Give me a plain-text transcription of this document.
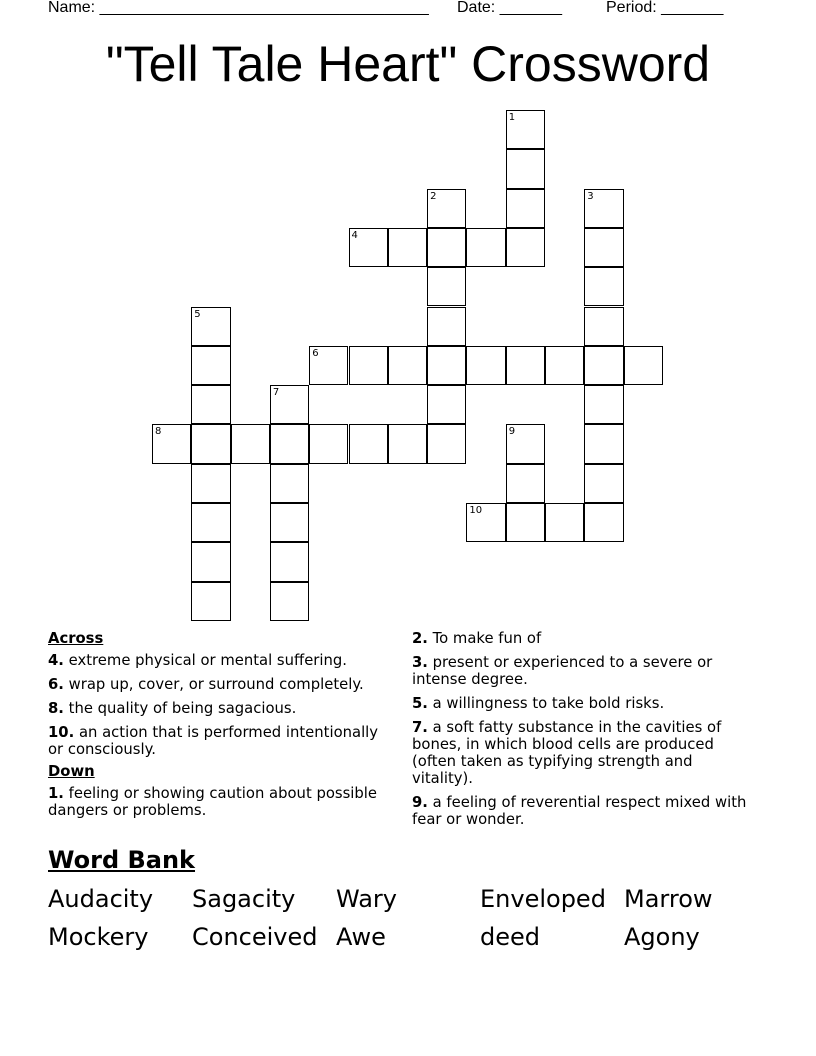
Name: _____________________________________ Date: _______	Period: _______
"Tell Tale Heart" Crossword
1
2	3
4
5
6
7
8	9
10
Across
4. extreme physical or mental suffering.
6. wrap up, cover, or surround completely.
8. the quality of being sagacious.
10. an action that is performed intentionally or consciously.
Down
1. feeling or showing caution about possible dangers or problems.
2. To make fun of
3. present or experienced to a severe or intense degree.
5. a willingness to take bold risks.
7. a soft fatty substance in the cavities of bones, in which blood cells are produced (often taken as typifying strength and vitality).
9. a feeling of reverential respect mixed with fear or wonder.
Word Bank
Audacity Sagacity Wary	Enveloped Marrow
Mockery Conceived Awe	deed	Agony
